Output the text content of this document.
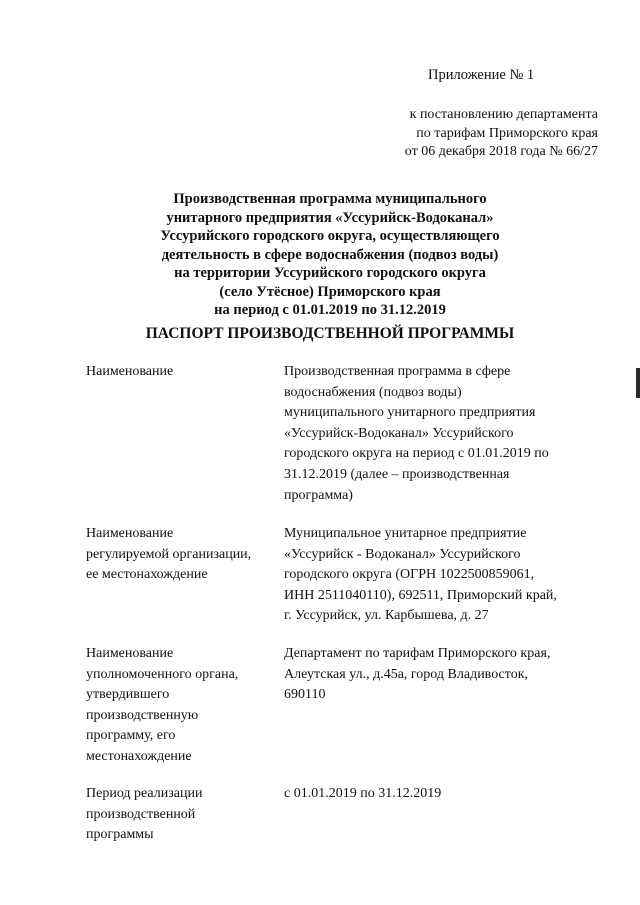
Приложение № 1
к постановлению департамента
по тарифам Приморского края
от 06 декабря 2018 года № 66/27
Производственная программа муниципального
унитарного предприятия «Уссурийск-Водоканал»
Уссурийского городского округа, осуществляющего
деятельность в сфере водоснабжения (подвоз воды)
на территории Уссурийского городского округа
(село Утёсное) Приморского края
на период с 01.01.2019 по 31.12.2019
ПАСПОРТ ПРОИЗВОДСТВЕННОЙ ПРОГРАММЫ
Наименование	Производственная программа в сфере
водоснабжения (подвоз воды)
муниципального унитарного предприятия
«Уссурийск-Водоканал» Уссурийского
городского округа на период с 01.01.2019 по
31.12.2019 (далее – производственная
программа)
Наименование
регулируемой организации,
ее местонахождение
Муниципальное унитарное предприятие
«Уссурийск - Водоканал» Уссурийского
городского округа (ОГРН 1022500859061,
ИНН 2511040110), 692511, Приморский край,
г. Уссурийск, ул. Карбышева, д. 27
Наименование
уполномоченного органа,
утвердившего
производственную
программу, его
местонахождение
Департамент по тарифам Приморского края,
Алеутская ул., д.45а, город Владивосток,
690110
Период реализации
производственной
программы
с 01.01.2019 по 31.12.2019
